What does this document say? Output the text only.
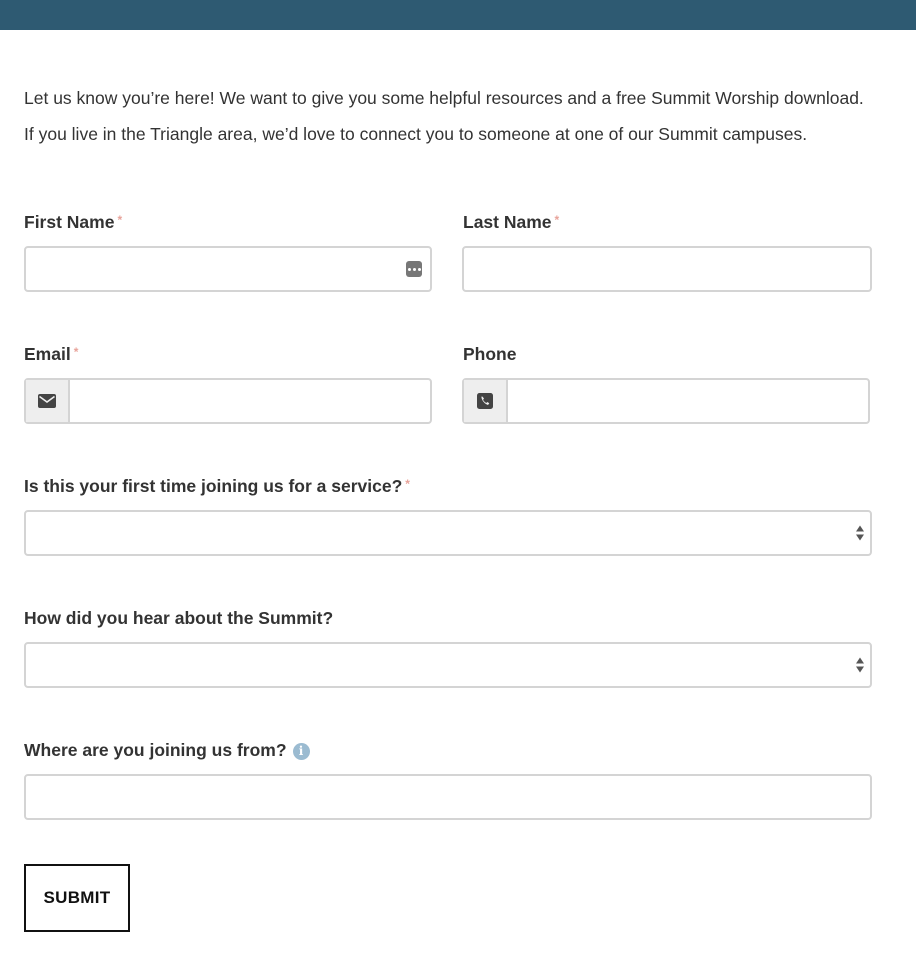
Let us know you’re here! We want to give you some helpful resources and a free Summit Worship download. If you live in the Triangle area, we’d love to connect you to someone at one of our Summit campuses.

First Name *	Last Name *
Email *	Phone
Is this your first time joining us for a service? *
How did you hear about the Summit?
Where are you joining us from? i
SUBMIT
